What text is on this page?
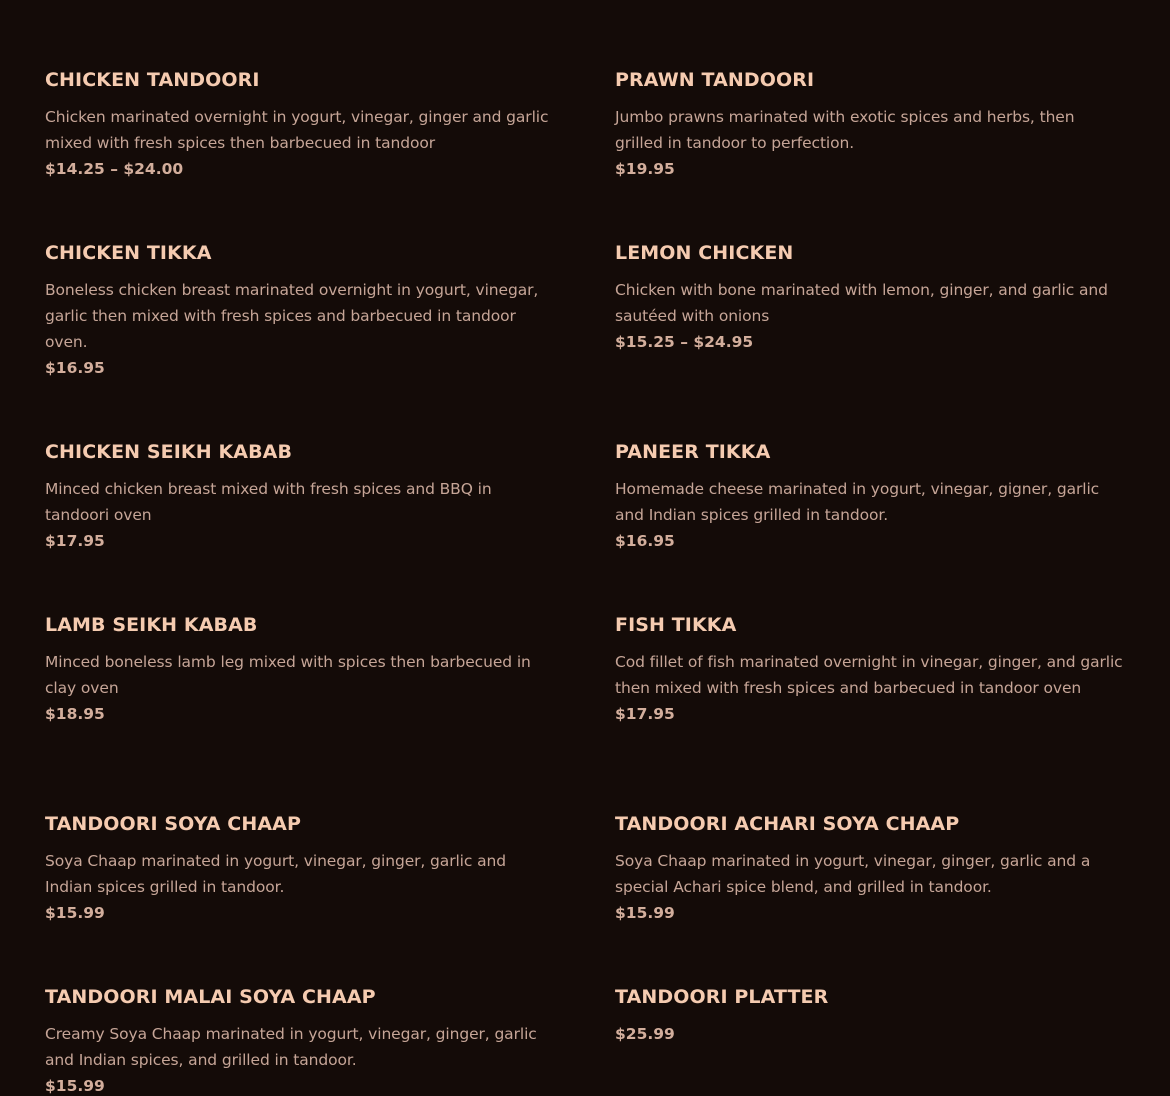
CHICKEN TANDOORI

Chicken marinated overnight in yogurt, vinegar, ginger and garlic mixed with fresh spices then barbecued in tandoor

$14.25 – $24.00

PRAWN TANDOORI

Jumbo prawns marinated with exotic spices and herbs, then grilled in tandoor to perfection.

$19.95

CHICKEN TIKKA

Boneless chicken breast marinated overnight in yogurt, vinegar, garlic then mixed with fresh spices and barbecued in tandoor oven.

$16.95

LEMON CHICKEN

Chicken with bone marinated with lemon, ginger, and garlic and sautéed with onions

$15.25 – $24.95

CHICKEN SEIKH KABAB

Minced chicken breast mixed with fresh spices and BBQ in tandoori oven

$17.95

PANEER TIKKA

Homemade cheese marinated in yogurt, vinegar, gigner, garlic and Indian spices grilled in tandoor.

$16.95

LAMB SEIKH KABAB

Minced boneless lamb leg mixed with spices then barbecued in clay oven

$18.95

FISH TIKKA

Cod fillet of fish marinated overnight in vinegar, ginger, and garlic then mixed with fresh spices and barbecued in tandoor oven

$17.95

TANDOORI SOYA CHAAP

Soya Chaap marinated in yogurt, vinegar, ginger, garlic and Indian spices grilled in tandoor.

$15.99

TANDOORI ACHARI SOYA CHAAP

Soya Chaap marinated in yogurt, vinegar, ginger, garlic and a special Achari spice blend, and grilled in tandoor.

$15.99

TANDOORI MALAI SOYA CHAAP

Creamy Soya Chaap marinated in yogurt, vinegar, ginger, garlic and Indian spices, and grilled in tandoor.

$15.99

TANDOORI PLATTER

$25.99
